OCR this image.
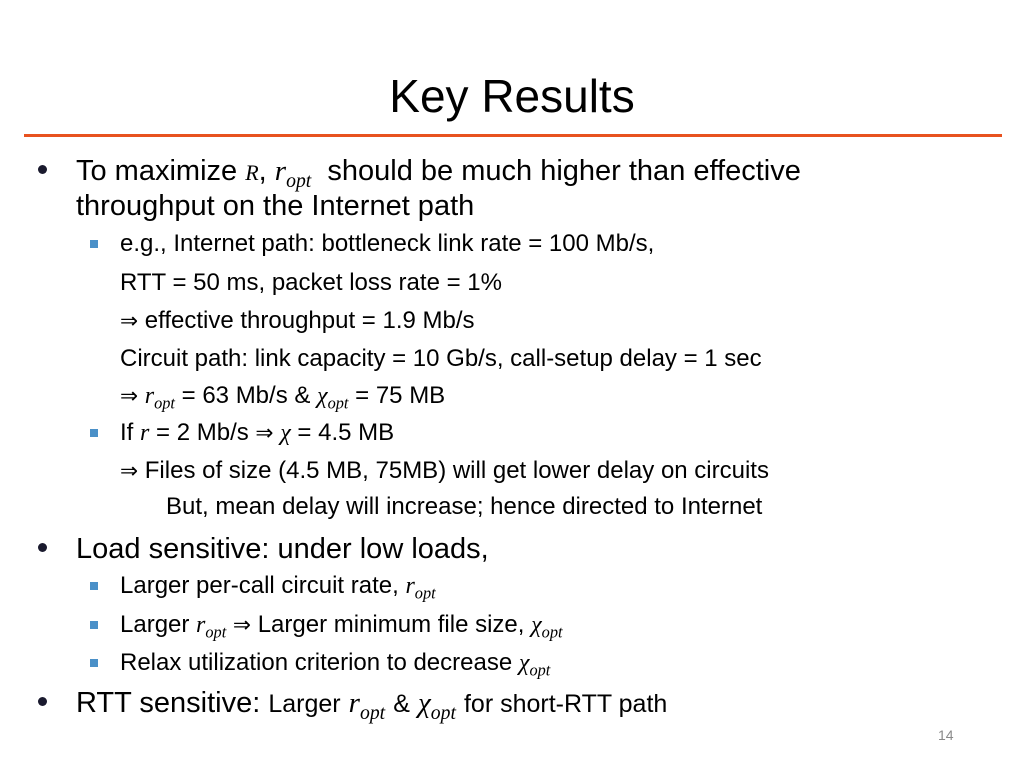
Key Results
To maximize R, $r_{opt}$ should be much higher than effective
throughput on the Internet path
e.g., Internet path: bottleneck link rate = 100 Mb/s,
RTT = 50 ms, packet loss rate = 1%
⇒ effective throughput = 1.9 Mb/s
Circuit path: link capacity = 10 Gb/s, call-setup delay = 1 sec
⇒ $r_{opt} = 63$ Mb/s & $\chi_{opt} = 75$ MB
If r = 2 Mb/s ⇒ χ = 4.5 MB
⇒ Files of size (4.5 MB, 75MB) will get lower delay on circuits
But, mean delay will increase; hence directed to Internet
Load sensitive: under low loads,
Larger per-call circuit rate, $r_{opt}$
Larger $r_{opt}$ ⇒ Larger minimum file size, $\chi_{opt}$
Relax utilization criterion to decrease $\chi_{opt}$
RTT sensitive: Larger $r_{opt}$ & $\chi_{opt}$ for short-RTT path
14
